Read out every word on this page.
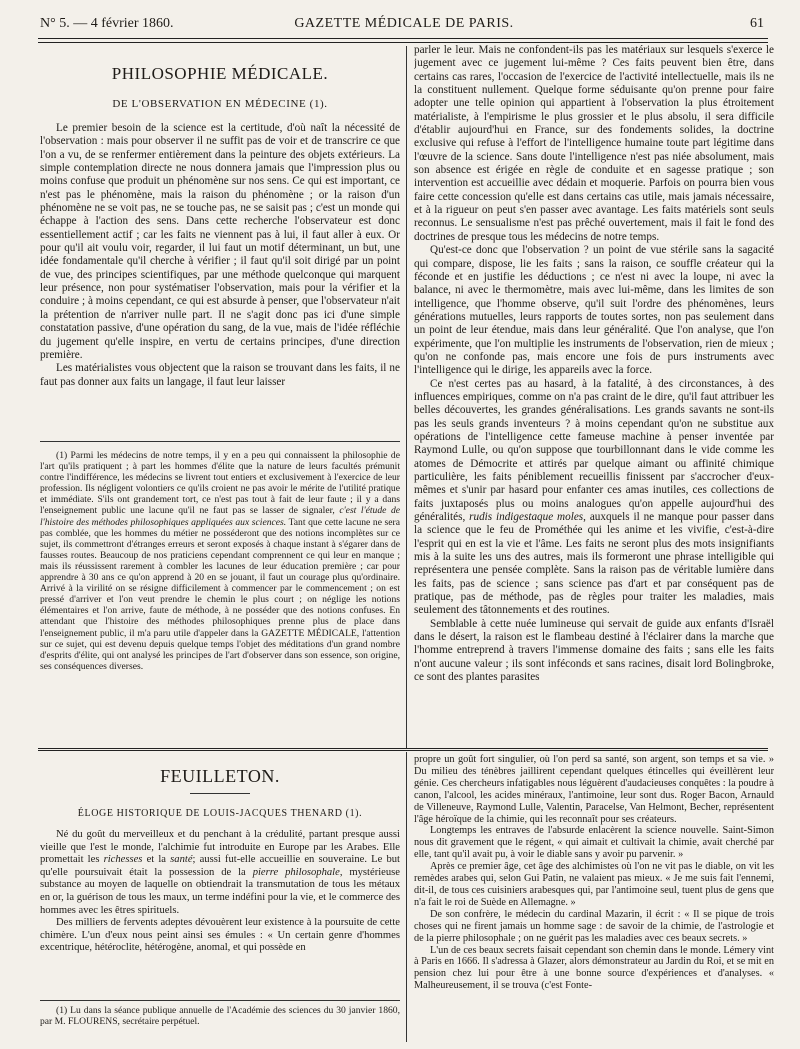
N° 5. — 4 février 1860.	GAZETTE MÉDICALE DE PARIS.	61
PHILOSOPHIE MÉDICALE.
DE L'OBSERVATION EN MÉDECINE (1).

Le premier besoin de la science est la certitude, d'où naît la nécessité de l'observation : mais pour observer il ne suffit pas de voir et de transcrire ce que l'on a vu, de se renfermer entièrement dans la peinture des objets extérieurs. La simple contemplation directe ne nous donnera jamais que l'impression plus ou moins confuse que produit un phénomène sur nos sens. Ce qui est important, ce n'est pas le phénomène, mais la raison du phénomène ; or la raison d'un phénomène ne se voit pas, ne se touche pas, ne se saisit pas ; c'est un monde qui échappe à l'action des sens. Dans cette recherche l'observateur est donc essentiellement actif ; car les faits ne viennent pas à lui, il faut aller à eux. Or pour qu'il ait voulu voir, regarder, il lui faut un motif déterminant, un but, une idée fondamentale qu'il cherche à vérifier ; il faut qu'il soit dirigé par un point de vue, des principes scientifiques, par une méthode quelconque qui marquent leur présence, non pour systématiser l'observation, mais pour la vérifier et la conduire ; à moins cependant, ce qui est absurde à penser, que l'observateur n'ait la prétention de n'arriver nulle part. Il ne s'agit donc pas ici d'une simple constatation passive, d'une opération du sang, de la vue, mais de l'idée réfléchie du jugement qu'elle inspire, en vertu de certains principes, d'une direction première.

Les matérialistes vous objectent que la raison se trouvant dans les faits, il ne faut pas donner aux faits un langage, il faut leur laisser

(1) Parmi les médecins de notre temps, il y en a peu qui connaissent la philosophie de l'art qu'ils pratiquent ; à part les hommes d'élite que la nature de leurs facultés prémunit contre l'indifférence, les médecins se livrent tout entiers et exclusivement à l'exercice de leur profession. Ils négligent volontiers ce qu'ils croient ne pas avoir le mérite de l'utilité pratique et immédiate. S'ils ont grandement tort, ce n'est pas tout à fait de leur faute ; il y a dans l'enseignement public une lacune qu'il ne faut pas se lasser de signaler, c'est l'étude de l'histoire des méthodes philosophiques appliquées aux sciences. Tant que cette lacune ne sera pas comblée, que les hommes du métier ne posséderont que des notions incomplètes sur ce sujet, ils commettront d'étranges erreurs et seront exposés à chaque instant à s'égarer dans de fausses routes. Beaucoup de nos praticiens cependant comprennent ce qui leur en manque ; mais ils réussissent rarement à combler les lacunes de leur éducation première ; car pour apprendre à 30 ans ce qu'on apprend à 20 en se jouant, il faut un courage plus qu'ordinaire. Arrivé à la virilité on se résigne difficilement à commencer par le commencement ; on est pressé d'arriver et l'on veut prendre le chemin le plus court ; on néglige les notions élémentaires et l'on arrive, faute de méthode, à ne posséder que des notions confuses. En attendant que l'histoire des méthodes philosophiques prenne plus de place dans l'enseignement public, il m'a paru utile d'appeler dans la GAZETTE MÉDICALE, l'attention sur ce sujet, qui est devenu depuis quelque temps l'objet des méditations d'un grand nombre d'esprits d'élite, qui ont analysé les principes de l'art d'observer dans son essence, son origine, ses conséquences diverses.

parler le leur. Mais ne confondent-ils pas les matériaux sur lesquels s'exerce le jugement avec ce jugement lui-même ? Ces faits peuvent bien être, dans certains cas rares, l'occasion de l'exercice de l'activité intellectuelle, mais ils ne la constituent nullement. Quelque forme séduisante qu'on prenne pour faire adopter une telle opinion qui appartient à l'observation la plus étroitement matérialiste, à l'empirisme le plus grossier et le plus absolu, il sera difficile d'établir aujourd'hui en France, sur des fondements solides, la doctrine exclusive qui refuse à l'effort de l'intelligence humaine toute part légitime dans l'œuvre de la science. Sans doute l'intelligence n'est pas niée absolument, mais son absence est érigée en règle de conduite et en sagesse pratique ; son intervention est accueillie avec dédain et moquerie. Parfois on pourra bien vous faire cette concession qu'elle est dans certains cas utile, mais jamais nécessaire, et à la rigueur on peut s'en passer avec avantage. Les faits matériels sont seuls reconnus. Le sensualisme n'est pas prêché ouvertement, mais il fait le fond des doctrines de presque tous les médecins de notre temps.

Qu'est-ce donc que l'observation ? un point de vue stérile sans la sagacité qui compare, dispose, lie les faits ; sans la raison, ce souffle créateur qui la féconde et en justifie les déductions ; ce n'est ni avec la loupe, ni avec la balance, ni avec le thermomètre, mais avec lui-même, dans les limites de son intelligence, que l'homme observe, qu'il suit l'ordre des phénomènes, leurs générations mutuelles, leurs rapports de toutes sortes, non pas seulement dans un point de leur étendue, mais dans leur généralité. Que l'on analyse, que l'on expérimente, que l'on multiplie les instruments de l'observation, rien de mieux ; qu'on ne confonde pas, mais encore une fois de purs instruments avec l'intelligence qui le dirige, les appareils avec la force.

Ce n'est certes pas au hasard, à la fatalité, à des circonstances, à des influences empiriques, comme on n'a pas craint de le dire, qu'il faut attribuer les belles découvertes, les grandes généralisations. Les grands savants ne sont-ils pas les seuls grands inventeurs ? à moins cependant qu'on ne substitue aux opérations de l'intelligence cette fameuse machine à penser inventée par Raymond Lulle, ou qu'on suppose que tourbillonnant dans le vide comme les atomes de Démocrite et attirés par quelque aimant ou affinité chimique particulière, les faits péniblement recueillis finissent par s'accrocher d'eux-mêmes et s'unir par hasard pour enfanter ces amas inutiles, ces collections de faits juxtaposés plus ou moins analogues qu'on appelle aujourd'hui des généralités, rudis indigestaque moles, auxquels il ne manque pour passer dans la science que le feu de Prométhée qui les anime et les vivifie, c'est-à-dire l'esprit qui en est la vie et l'âme. Les faits ne seront plus des mots insignifiants mis à la suite les uns des autres, mais ils formeront une phrase intelligible qui représentera une pensée complète. Sans la raison pas de véritable lumière dans les faits, pas de science ; sans science pas d'art et par conséquent pas de pratique, pas de méthode, pas de règles pour traiter les maladies, mais seulement des tâtonnements et des routines.

Semblable à cette nuée lumineuse qui servait de guide aux enfants d'Israël dans le désert, la raison est le flambeau destiné à l'éclairer dans la marche que l'homme entreprend à travers l'immense domaine des faits ; sans elle les faits n'ont aucune valeur ; ils sont inféconds et sans racines, disait lord Bolingbroke, ce sont des plantes parasites

FEUILLETON.
ÉLOGE HISTORIQUE DE LOUIS-JACQUES THENARD (1).

Né du goût du merveilleux et du penchant à la crédulité, partant presque aussi vieille que l'est le monde, l'alchimie fut introduite en Europe par les Arabes. Elle promettait les richesses et la santé; aussi fut-elle accueillie en souveraine. Le but qu'elle poursuivait était la possession de la pierre philosophale, mystérieuse substance au moyen de laquelle on obtiendrait la transmutation de tous les métaux en or, la guérison de tous les maux, un terme indéfini pour la vie, et le commerce des hommes avec les êtres spirituels.

Des milliers de fervents adeptes dévouèrent leur existence à la poursuite de cette chimère. L'un d'eux nous peint ainsi ses émules : « Un certain genre d'hommes excentrique, hétéroclite, hétérogène, anomal, et qui possède en

(1) Lu dans la séance publique annuelle de l'Académie des sciences du 30 janvier 1860, par M. FLOURENS, secrétaire perpétuel.

propre un goût fort singulier, où l'on perd sa santé, son argent, son temps et sa vie. » Du milieu des ténèbres jaillirent cependant quelques étincelles qui éveillèrent leur génie. Ces chercheurs infatigables nous léguèrent d'audacieuses conquêtes : la poudre à canon, l'alcool, les acides minéraux, l'antimoine, leur sont dus. Roger Bacon, Arnauld de Villeneuve, Raymond Lulle, Valentin, Paracelse, Van Helmont, Becher, représentent l'âge héroïque de la chimie, qui les reconnaît pour ses créateurs.

Longtemps les entraves de l'absurde enlacèrent la science nouvelle. Saint-Simon nous dit gravement que le régent, « qui aimait et cultivait la chimie, avait cherché par elle, tant qu'il avait pu, à voir le diable sans y avoir pu parvenir. »

Après ce premier âge, cet âge des alchimistes où l'on ne vit pas le diable, on vit les remèdes arabes qui, selon Gui Patin, ne valaient pas mieux. « Je me suis fait l'ennemi, dit-il, de tous ces cuisiniers arabesques qui, par l'antimoine seul, tuent plus de gens que n'a fait le roi de Suède en Allemagne. »

De son confrère, le médecin du cardinal Mazarin, il écrit : « Il se pique de trois choses qui ne firent jamais un homme sage : de savoir de la chimie, de l'astrologie et de la pierre philosophale ; on ne guérit pas les maladies avec ces beaux secrets. »

L'un de ces beaux secrets faisait cependant son chemin dans le monde. Lémery vint à Paris en 1666. Il s'adressa à Glazer, alors démonstrateur au Jardin du Roi, et se mit en pension chez lui pour être à une bonne source d'expériences et d'analyses. « Malheureusement, il se trouva (c'est Fonte-
